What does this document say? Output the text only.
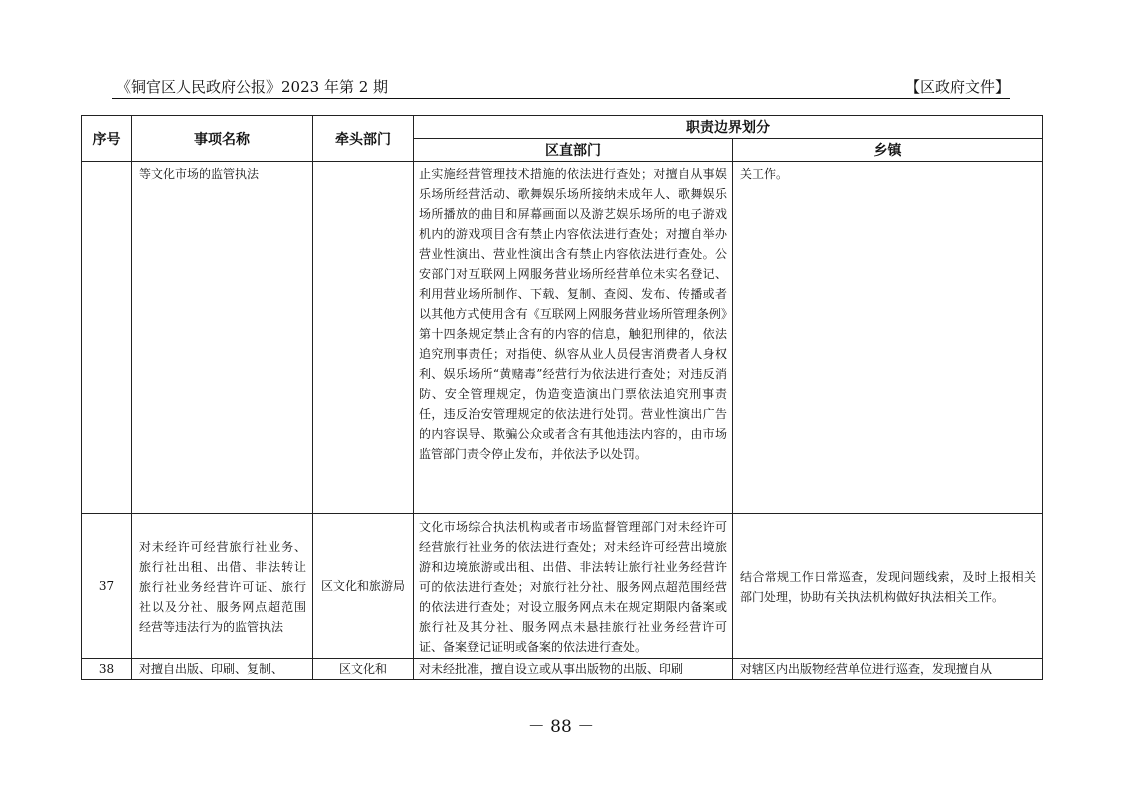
《铜官区人民政府公报》2023 年第 2 期	【区政府文件】
序号	事项名称	牵头部门	职责边界划分	
			区直部门	乡镇
	等文化市场的监管执法		止实施经营管理技术措施的依法进行查处；对擅自从事娱乐场所经营活动、歌舞娱乐场所接纳未成年人、歌舞娱乐场所播放的曲目和屏幕画面以及游艺娱乐场所的电子游戏机内的游戏项目含有禁止内容依法进行查处；对擅自举办营业性演出、营业性演出含有禁止内容依法进行查处。公安部门对互联网上网服务营业场所经营单位未实名登记、利用营业场所制作、下载、复制、查阅、发布、传播或者以其他方式使用含有《互联网上网服务营业场所管理条例》第十四条规定禁止含有的内容的信息，触犯刑律的，依法追究刑事责任；对指使、纵容从业人员侵害消费者人身权利、娱乐场所“黄赌毒”经营行为依法进行查处；对违反消防、安全管理规定，伪造变造演出门票依法追究刑事责任，违反治安管理规定的依法进行处罚。营业性演出广告的内容误导、欺骗公众或者含有其他违法内容的，由市场监管部门责令停止发布，并依法予以处罚。	关工作。
37	对未经许可经营旅行社业务、旅行社出租、出借、非法转让旅行社业务经营许可证、旅行社以及分社、服务网点超范围经营等违法行为的监管执法	区文化和旅游局	文化市场综合执法机构或者市场监督管理部门对未经许可经营旅行社业务的依法进行查处；对未经许可经营出境旅游和边境旅游或出租、出借、非法转让旅行社业务经营许可的依法进行查处；对旅行社分社、服务网点超范围经营的依法进行查处；对设立服务网点未在规定期限内备案或旅行社及其分社、服务网点未悬挂旅行社业务经营许可证、备案登记证明或备案的依法进行查处。	结合常规工作日常巡查，发现问题线索，及时上报相关部门处理，协助有关执法机构做好执法相关工作。
38	对擅自出版、印刷、复制、	区文化和	对未经批准，擅自设立或从事出版物的出版、印刷	对辖区内出版物经营单位进行巡查，发现擅自从
－ 88 －
